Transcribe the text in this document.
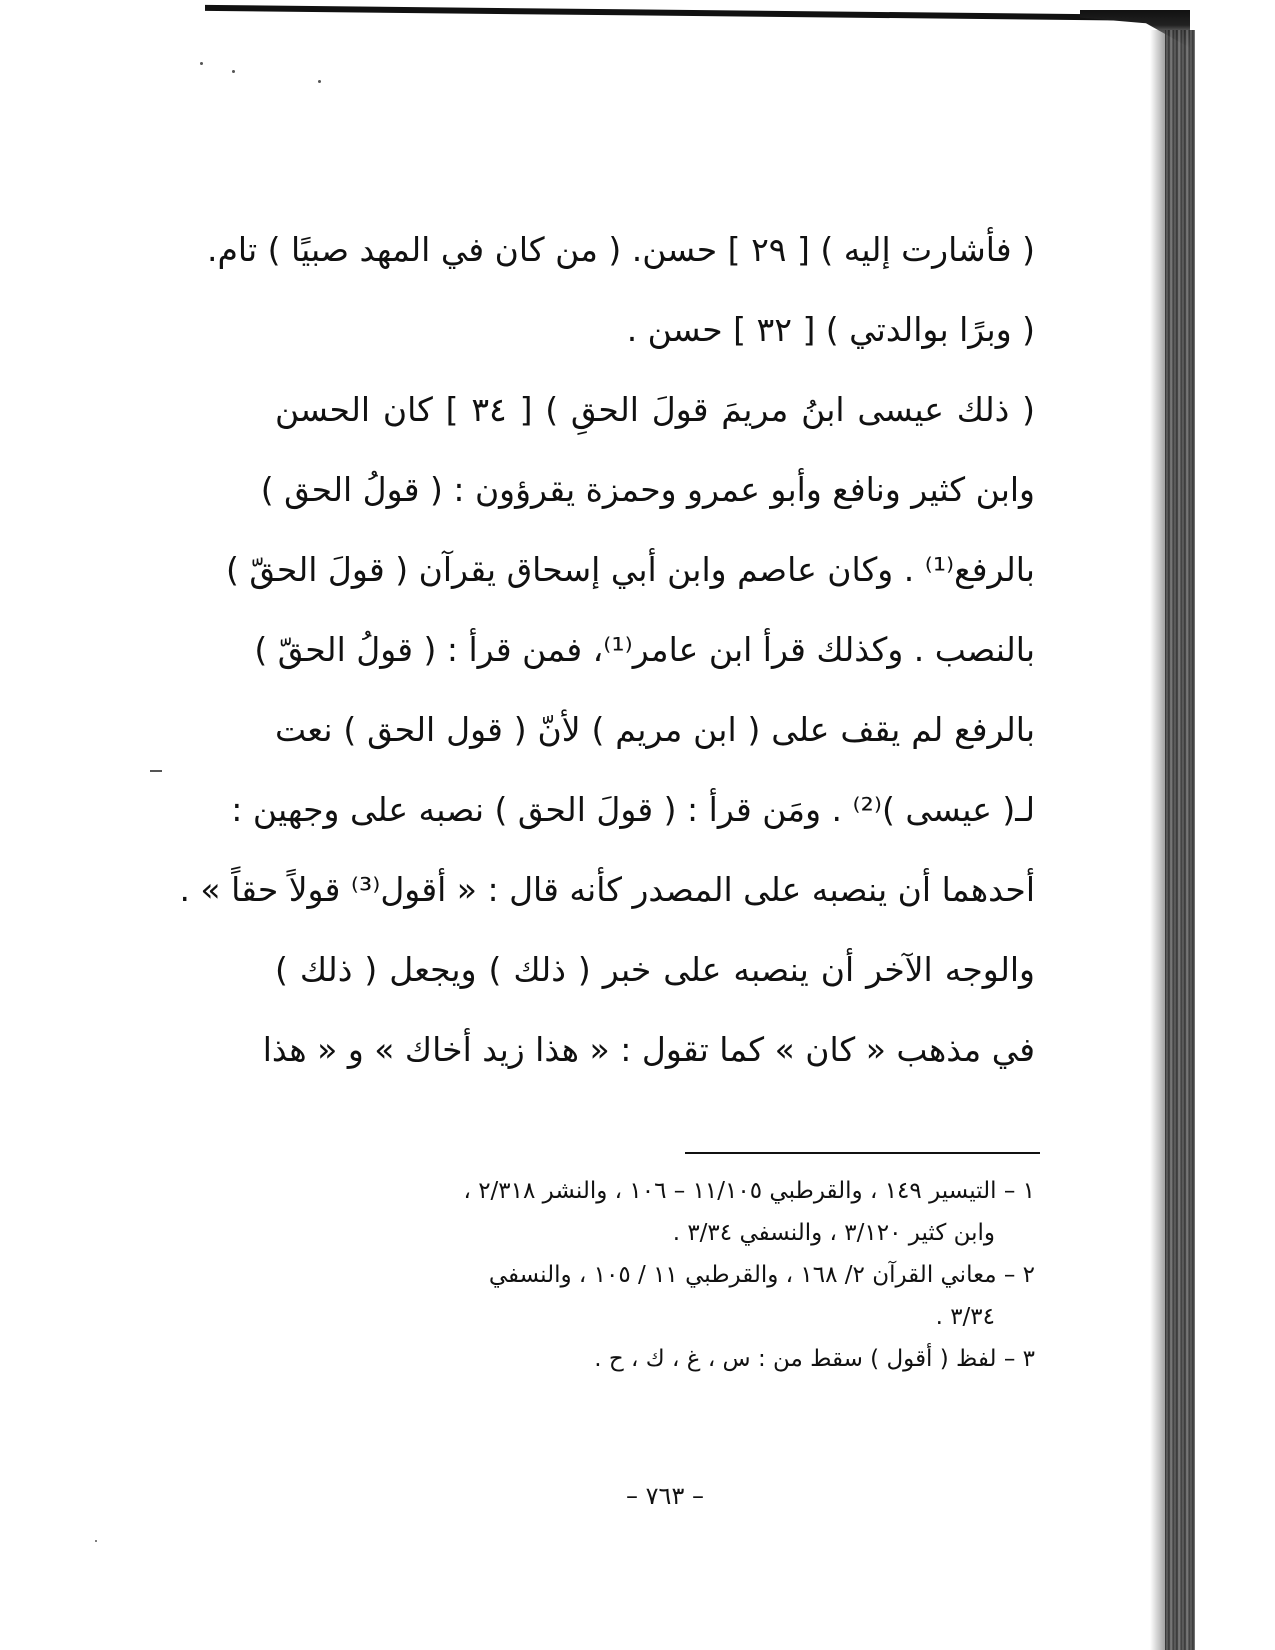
( فأشارت إليه ) [ ٢٩ ] حسن. ( من كان في المهد صبيًا ) تام.
( وبرًا بوالدتي ) [ ٣٢ ] حسن .
( ذلك عيسى ابنُ مريمَ قولَ الحقِ ) [ ٣٤ ] كان الحسن
وابن كثير ونافع وأبو عمرو وحمزة يقرؤون : ( قولُ الحق )
بالرفع⁽¹⁾ . وكان عاصم وابن أبي إسحاق يقرآن ( قولَ الحقّ )
بالنصب . وكذلك قرأ ابن عامر⁽¹⁾، فمن قرأ : ( قولُ الحقّ )
بالرفع لم يقف على ( ابن مريم ) لأنّ ( قول الحق ) نعت
لـ( عيسى )⁽²⁾ . ومَن قرأ : ( قولَ الحق ) نصبه على وجهين :
أحدهما أن ينصبه على المصدر كأنه قال : « أقول⁽³⁾ قولاً حقاً » .
والوجه الآخر أن ينصبه على خبر ( ذلك ) ويجعل ( ذلك )
في مذهب « كان » كما تقول : « هذا زيد أخاك » و « هذا
١ – التيسير ١٤٩ ، والقرطبي ١١/١٠٥ – ١٠٦ ، والنشر ٢/٣١٨ ،
وابن كثير ٣/١٢٠ ، والنسفي ٣/٣٤ .
٢ – معاني القرآن ٢/ ١٦٨ ، والقرطبي ١١ / ١٠٥ ، والنسفي
٣/٣٤ .
٣ – لفظ ( أقول ) سقط من : س ، غ ، ك ، ح .
– ٧٦٣ –
